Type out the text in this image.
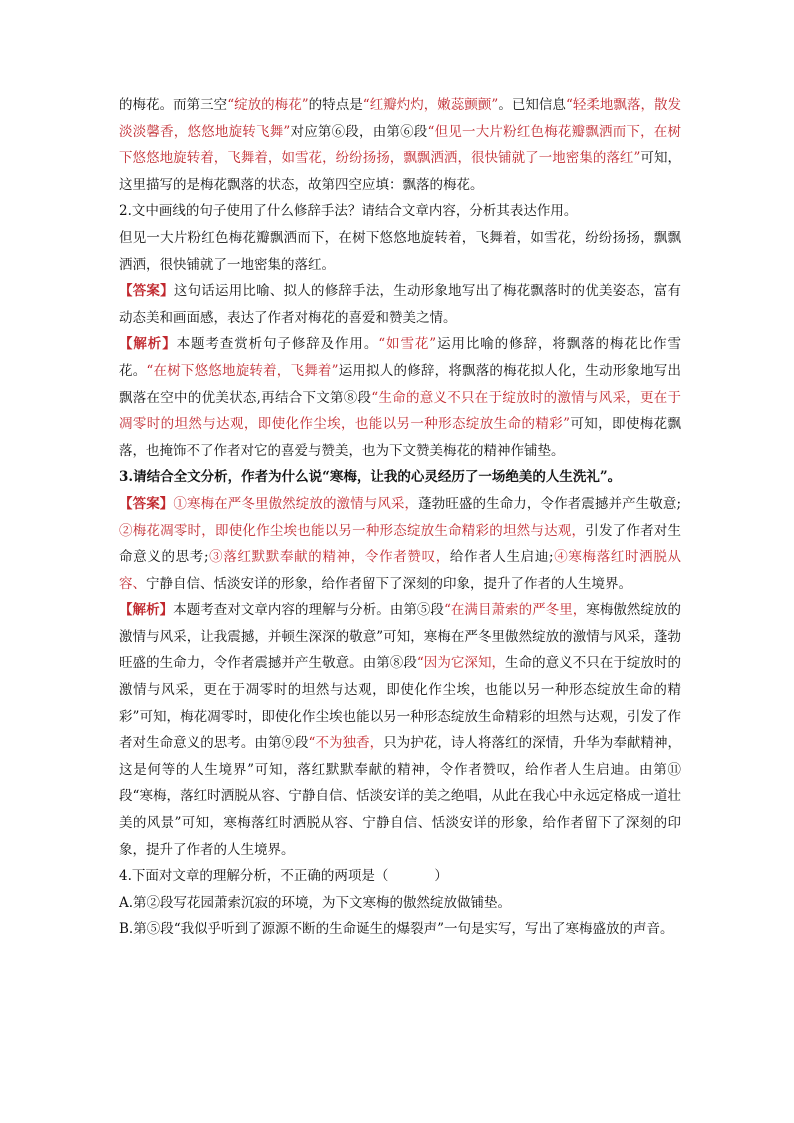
的梅花。而第三空“绽放的梅花”的特点是“红瓣灼灼，嫩蕊颤颤”。已知信息“轻柔地飘落，散发淡淡馨香，悠悠地旋转飞舞”对应第⑥段，由第⑥段“但见一大片粉红色梅花瓣飘洒而下，在树下悠悠地旋转着，飞舞着，如雪花，纷纷扬扬，飘飘洒洒，很快铺就了一地密集的落红”可知，这里描写的是梅花飘落的状态，故第四空应填：飘落的梅花。

2.文中画线的句子使用了什么修辞手法？请结合文章内容，分析其表达作用。

但见一大片粉红色梅花瓣飘洒而下，在树下悠悠地旋转着，飞舞着，如雪花，纷纷扬扬，飘飘洒洒，很快铺就了一地密集的落红。

【答案】这句话运用比喻、拟人的修辞手法，生动形象地写出了梅花飘落时的优美姿态，富有动态美和画面感，表达了作者对梅花的喜爱和赞美之情。

【解析】本题考查赏析句子修辞及作用。“如雪花”运用比喻的修辞，将飘落的梅花比作雪花。“在树下悠悠地旋转着，飞舞着”运用拟人的修辞，将飘落的梅花拟人化，生动形象地写出飘落在空中的优美状态,再结合下文第⑧段“生命的意义不只在于绽放时的激情与风采，更在于凋零时的坦然与达观，即使化作尘埃，也能以另一种形态绽放生命的精彩”可知，即使梅花飘落，也掩饰不了作者对它的喜爱与赞美，也为下文赞美梅花的精神作铺垫。

3.请结合全文分析，作者为什么说“寒梅，让我的心灵经历了一场绝美的人生洗礼”。

【答案】①寒梅在严冬里傲然绽放的激情与风采，蓬勃旺盛的生命力，令作者震撼并产生敬意;②梅花凋零时，即使化作尘埃也能以另一种形态绽放生命精彩的坦然与达观，引发了作者对生命意义的思考;③落红默默奉献的精神，令作者赞叹，给作者人生启迪;④寒梅落红时洒脱从容、宁静自信、恬淡安详的形象，给作者留下了深刻的印象，提升了作者的人生境界。

【解析】本题考查对文章内容的理解与分析。由第⑤段“在满目萧索的严冬里，寒梅傲然绽放的激情与风采，让我震撼，并顿生深深的敬意”可知，寒梅在严冬里傲然绽放的激情与风采，蓬勃旺盛的生命力，令作者震撼并产生敬意。由第⑧段“因为它深知，生命的意义不只在于绽放时的激情与风采，更在于凋零时的坦然与达观，即使化作尘埃，也能以另一种形态绽放生命的精彩”可知，梅花凋零时，即使化作尘埃也能以另一种形态绽放生命精彩的坦然与达观，引发了作者对生命意义的思考。由第⑨段“不为独香，只为护花，诗人将落红的深情，升华为奉献精神，这是何等的人生境界”可知，落红默默奉献的精神，令作者赞叹，给作者人生启迪。由第⑪段“寒梅，落红时洒脱从容、宁静自信、恬淡安详的美之绝唱，从此在我心中永远定格成一道壮美的风景”可知，寒梅落红时洒脱从容、宁静自信、恬淡安详的形象，给作者留下了深刻的印象，提升了作者的人生境界。

4.下面对文章的理解分析，不正确的两项是（	）

A.第②段写花园萧索沉寂的环境，为下文寒梅的傲然绽放做铺垫。

B.第⑤段“我似乎听到了源源不断的生命诞生的爆裂声”一句是实写，写出了寒梅盛放的声音。
